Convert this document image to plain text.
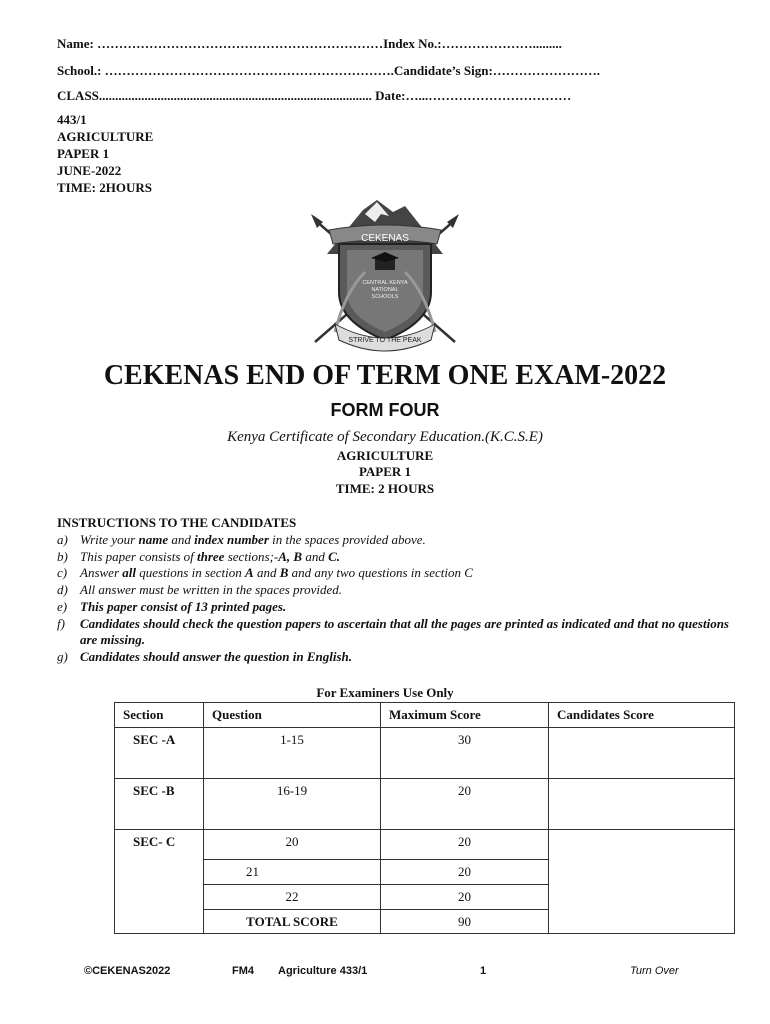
Name: …………………………………………………………Index No.:………………….........
School.: ………………………………………………………….Candidate’s Sign:…………………….
CLASS.................................................................................... Date:…...……………………………
443/1
AGRICULTURE
PAPER 1
JUNE-2022
TIME: 2HOURS
CEKENAS
CENTRAL KENYA
NATIONAL
SCHOOLS
STRIVE TO THE PEAK
CEKENAS END OF TERM ONE EXAM-2022
FORM FOUR
Kenya Certificate of Secondary Education.(K.C.S.E)
AGRICULTURE
PAPER 1
TIME: 2 HOURS
INSTRUCTIONS TO THE CANDIDATES
a) Write your name and index number in the spaces provided above.
b) This paper consists of three sections;-A, B and C.
c) Answer all questions in section A and B and any two questions in section C
d) All answer must be written in the spaces provided.
e) This paper consist of 13 printed pages.
f)	Candidates should check the question papers to ascertain that all the pages are printed as indicated and that no questions are missing.
g) Candidates should answer the question in English.
For Examiners Use Only
Section	Question	Maximum Score	Candidates Score
SEC -A	1-15	30	
SEC -B	16-19	20	
SEC- C	20	20	
	21	20	
	22	20	
	TOTAL SCORE	90	
©CEKENAS2022	FM4 Agriculture 433/1	1	Turn Over
